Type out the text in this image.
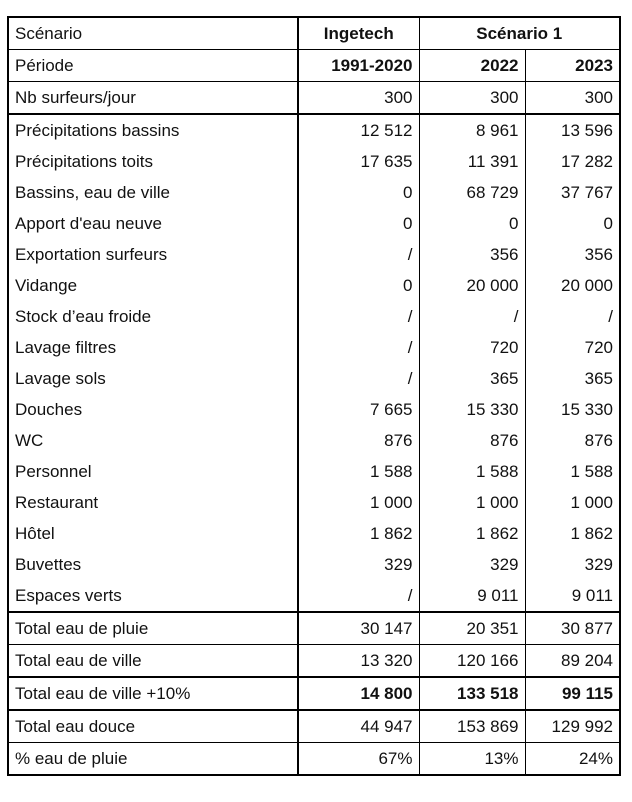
Scénario	Ingetech	Scénario 1	
Période	1991-2020	2022	2023
Nb surfeurs/jour	300	300	300
Précipitations bassins	12 512	8 961	13 596
Précipitations toits	17 635	11 391	17 282
Bassins, eau de ville	0	68 729	37 767
Apport d'eau neuve	0	0	0
Exportation surfeurs	/	356	356
Vidange	0	20 000	20 000
Stock d’eau froide	/	/	/
Lavage filtres	/	720	720
Lavage sols	/	365	365
Douches	7 665	15 330	15 330
WC	876	876	876
Personnel	1 588	1 588	1 588
Restaurant	1 000	1 000	1 000
Hôtel	1 862	1 862	1 862
Buvettes	329	329	329
Espaces verts	/	9 011	9 011
Total eau de pluie	30 147	20 351	30 877
Total eau de ville	13 320	120 166	89 204
Total eau de ville +10%	14 800	133 518	99 115
Total eau douce	44 947	153 869	129 992
% eau de pluie	67%	13%	24%
